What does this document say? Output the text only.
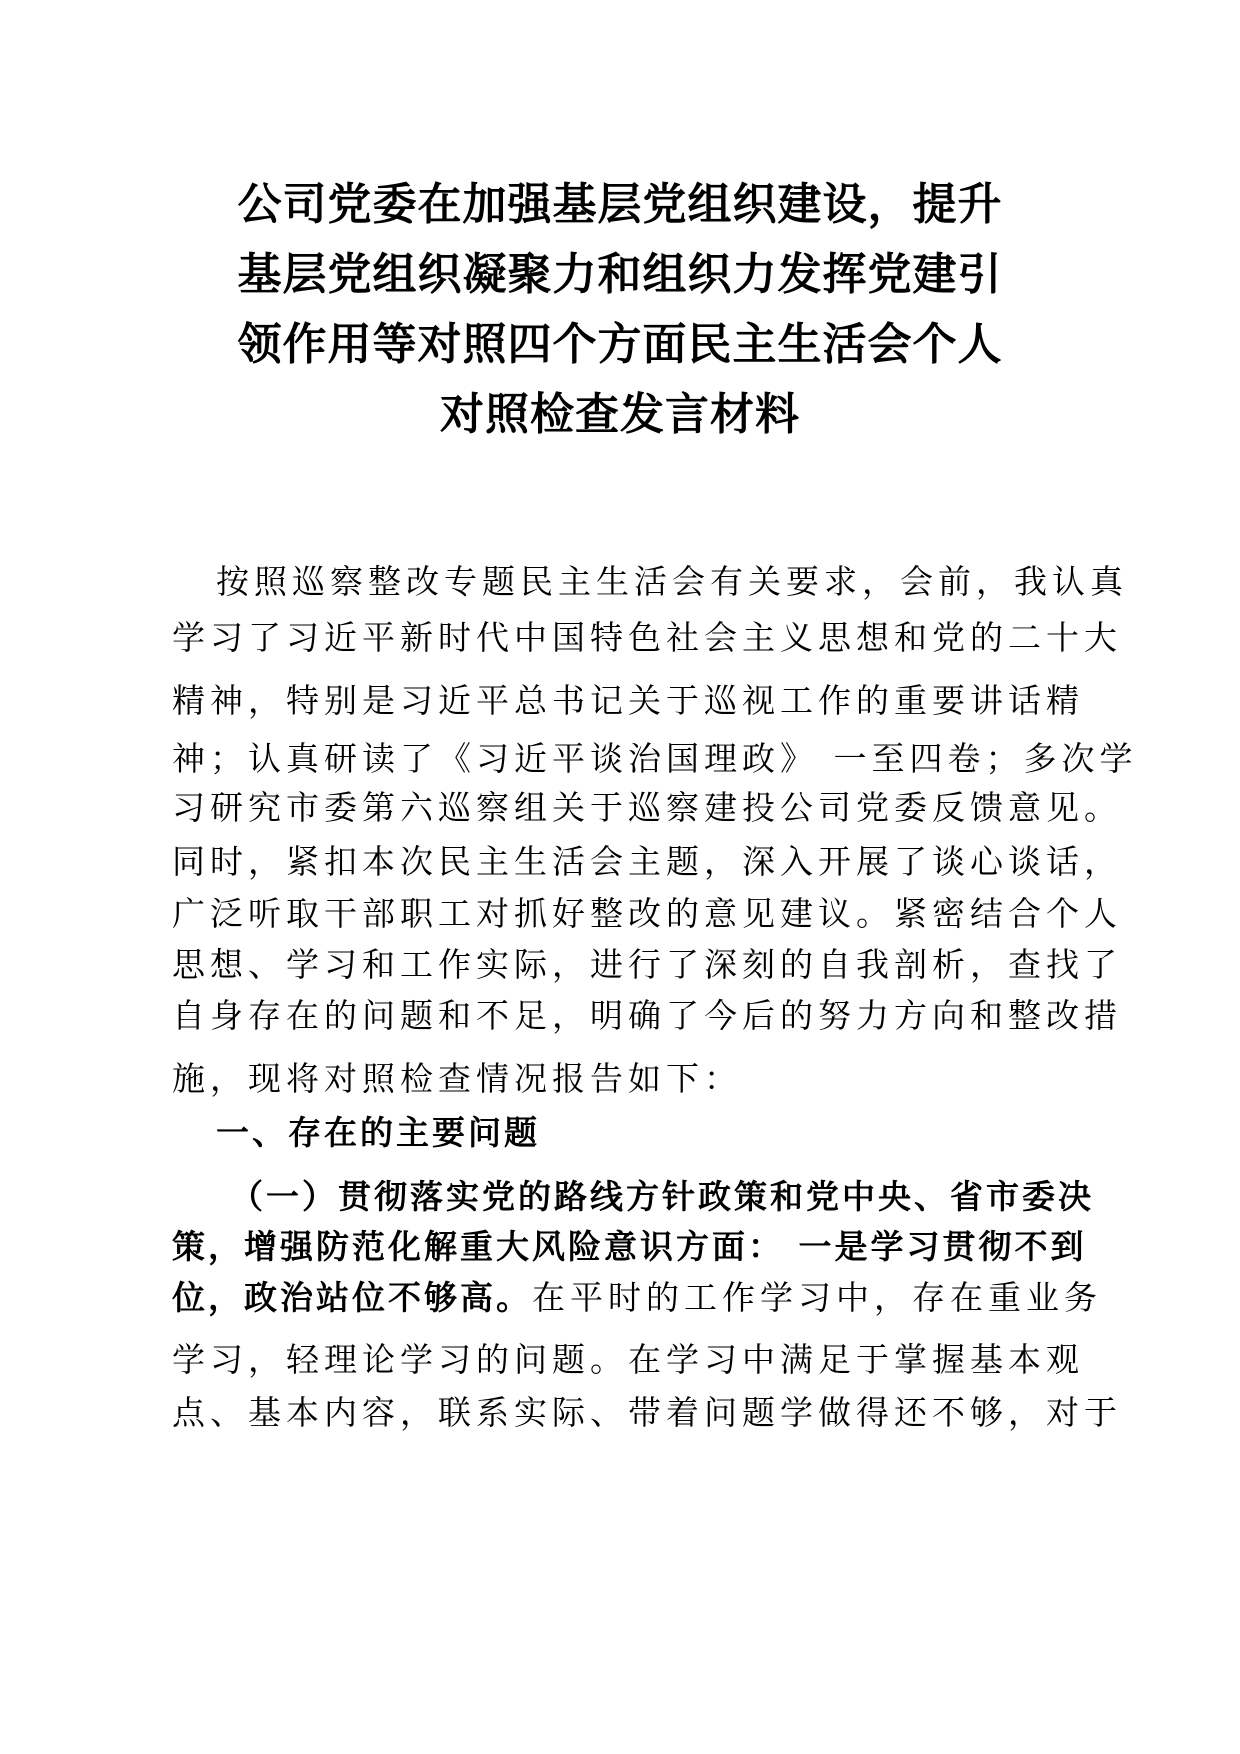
公司党委在加强基层党组织建设，提升
基层党组织凝聚力和组织力发挥党建引
领作用等对照四个方面民主生活会个人
对照检查发言材料
按照巡察整改专题民主生活会有关要求，会前，我认真
学习了习近平新时代中国特色社会主义思想和党的二十大
精神，特别是习近平总书记关于巡视工作的重要讲话精
神；认真研读了《习近平谈治国理政》 一至四卷；多次学
习研究市委第六巡察组关于巡察建投公司党委反馈意见。
同时，紧扣本次民主生活会主题，深入开展了谈心谈话，
广泛听取干部职工对抓好整改的意见建议。紧密结合个人
思想、学习和工作实际，进行了深刻的自我剖析，查找了
自身存在的问题和不足，明确了今后的努力方向和整改措
施，现将对照检查情况报告如下：
一、存在的主要问题
（一）贯彻落实党的路线方针政策和党中央、省市委决
策，增强防范化解重大风险意识方面： 一是学习贯彻不到
位，政治站位不够高。在平时的工作学习中，存在重业务
学习，轻理论学习的问题。在学习中满足于掌握基本观
点、基本内容，联系实际、带着问题学做得还不够，对于
